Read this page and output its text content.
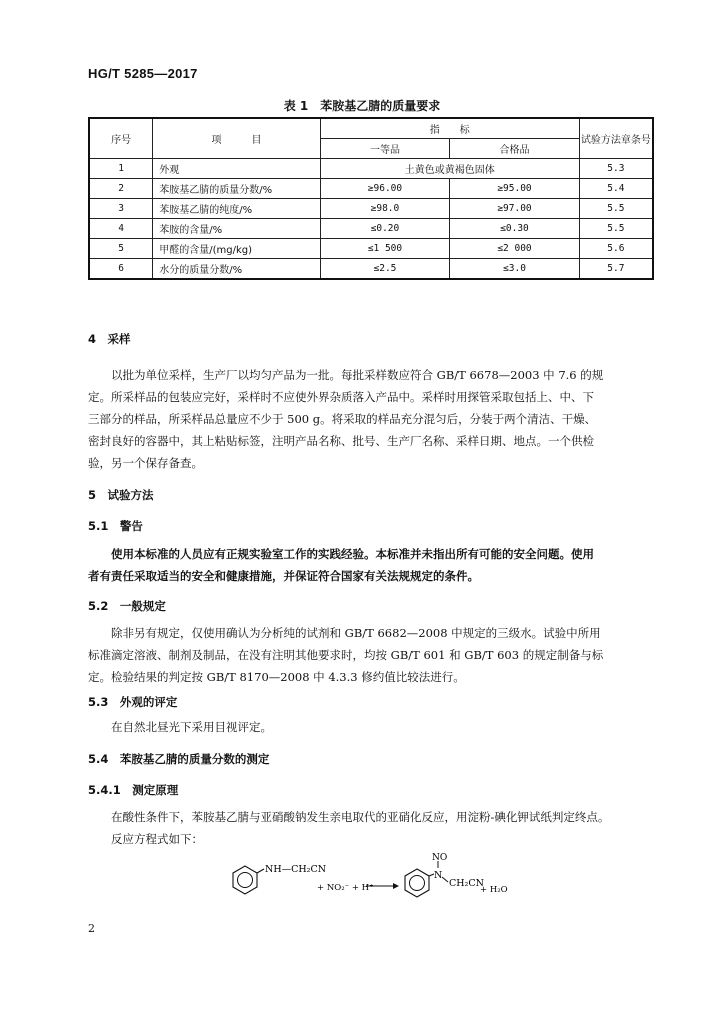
HG/T 5285—2017
表 1　苯胺基乙腈的质量要求
序号	项　　　目	指　　标		试验方法章条号
		一等品	合格品	
1	外观	土黄色或黄褐色固体		5.3
2	苯胺基乙腈的质量分数/%	≥96.00	≥95.00	5.4
3	苯胺基乙腈的纯度/%	≥98.0	≥97.00	5.5
4	苯胺的含量/%	≤0.20	≤0.30	5.5
5	甲醛的含量/(mg/kg)	≤1 500	≤2 000	5.6
6	水分的质量分数/%	≤2.5	≤3.0	5.7
4　采样
以批为单位采样，生产厂以均匀产品为一批。每批采样数应符合 GB/T 6678—2003 中 7.6 的规
定。所采样品的包装应完好，采样时不应使外界杂质落入产品中。采样时用探管采取包括上、中、下
三部分的样品，所采样品总量应不少于 500 g。将采取的样品充分混匀后，分装于两个清洁、干燥、
密封良好的容器中，其上粘贴标签，注明产品名称、批号、生产厂名称、采样日期、地点。一个供检
验，另一个保存备查。
5　试验方法
5.1　警告
使用本标准的人员应有正规实验室工作的实践经验。本标准并未指出所有可能的安全问题。使用
者有责任采取适当的安全和健康措施，并保证符合国家有关法规规定的条件。
5.2　一般规定
除非另有规定，仅使用确认为分析纯的试剂和 GB/T 6682—2008 中规定的三级水。试验中所用
标准滴定溶液、制剂及制品，在没有注明其他要求时，均按 GB/T 601 和 GB/T 603 的规定制备与标
定。检验结果的判定按 GB/T 8170—2008 中 4.3.3 修约值比较法进行。
5.3　外观的评定
在自然北昼光下采用目视评定。
5.4　苯胺基乙腈的质量分数的测定
5.4.1　测定原理
在酸性条件下，苯胺基乙腈与亚硝酸钠发生亲电取代的亚硝化反应，用淀粉-碘化钾试纸判定终点。
反应方程式如下：
NH—CH₂CN
+ NO₂⁻ + H⁺
N
NO
CH₂CN
+ H₂O
2
